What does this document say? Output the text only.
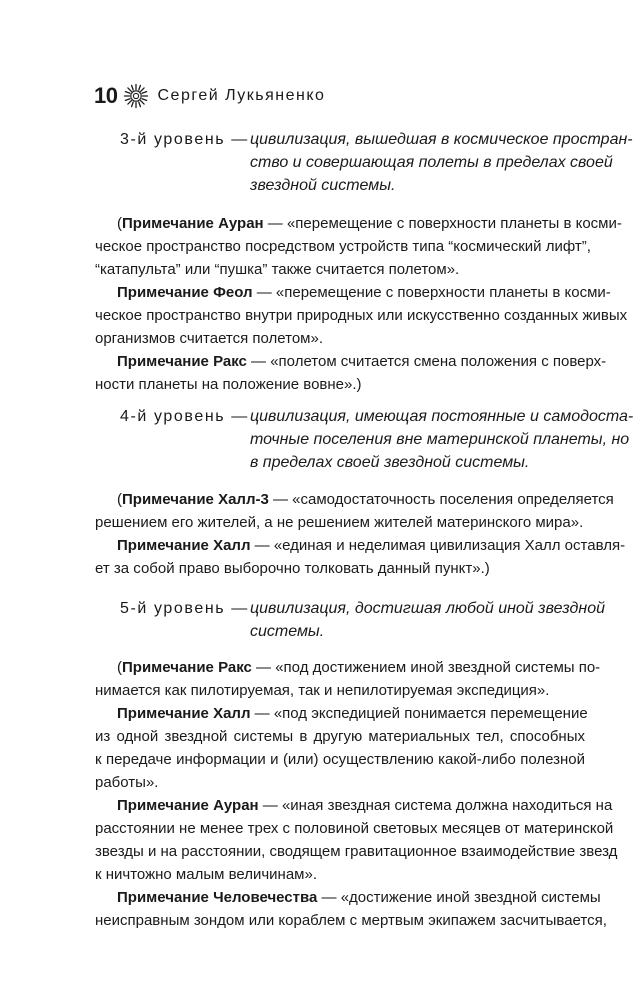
10	Сергей Лукьяненко
3-й уровень — цивилизация, вышедшая в космическое простран-
ство и совершающая полеты в пределах своей
звездной системы.
(Примечание Ауран — «перемещение с поверхности планеты в косми-
ческое пространство посредством устройств типа “космический лифт”,
“катапульта” или “пушка” также считается полетом».
Примечание Феол — «перемещение с поверхности планеты в косми-
ческое пространство внутри природных или искусственно созданных живых
организмов считается полетом».
Примечание Ракс — «полетом считается смена положения с поверх-
ности планеты на положение вовне».)
4-й уровень — цивилизация, имеющая постоянные и самодоста-
точные поселения вне материнской планеты, но
в пределах своей звездной системы.
(Примечание Халл-3 — «самодостаточность поселения определяется
решением его жителей, а не решением жителей материнского мира».
Примечание Халл — «единая и неделимая цивилизация Халл оставля-
ет за собой право выборочно толковать данный пункт».)
5-й уровень — цивилизация, достигшая любой иной звездной
системы.
(Примечание Ракс — «под достижением иной звездной системы по-
нимается как пилотируемая, так и непилотируемая экспедиция».
Примечание Халл — «под экспедицией понимается перемещение
из одной звездной системы в другую материальных тел, способных
к передаче информации и (или) осуществлению какой-либо полезной
работы».
Примечание Ауран — «иная звездная система должна находиться на
расстоянии не менее трех с половиной световых месяцев от материнской
звезды и на расстоянии, сводящем гравитационное взаимодействие звезд
к ничтожно малым величинам».
Примечание Человечества — «достижение иной звездной системы
неисправным зондом или кораблем с мертвым экипажем засчитывается,
